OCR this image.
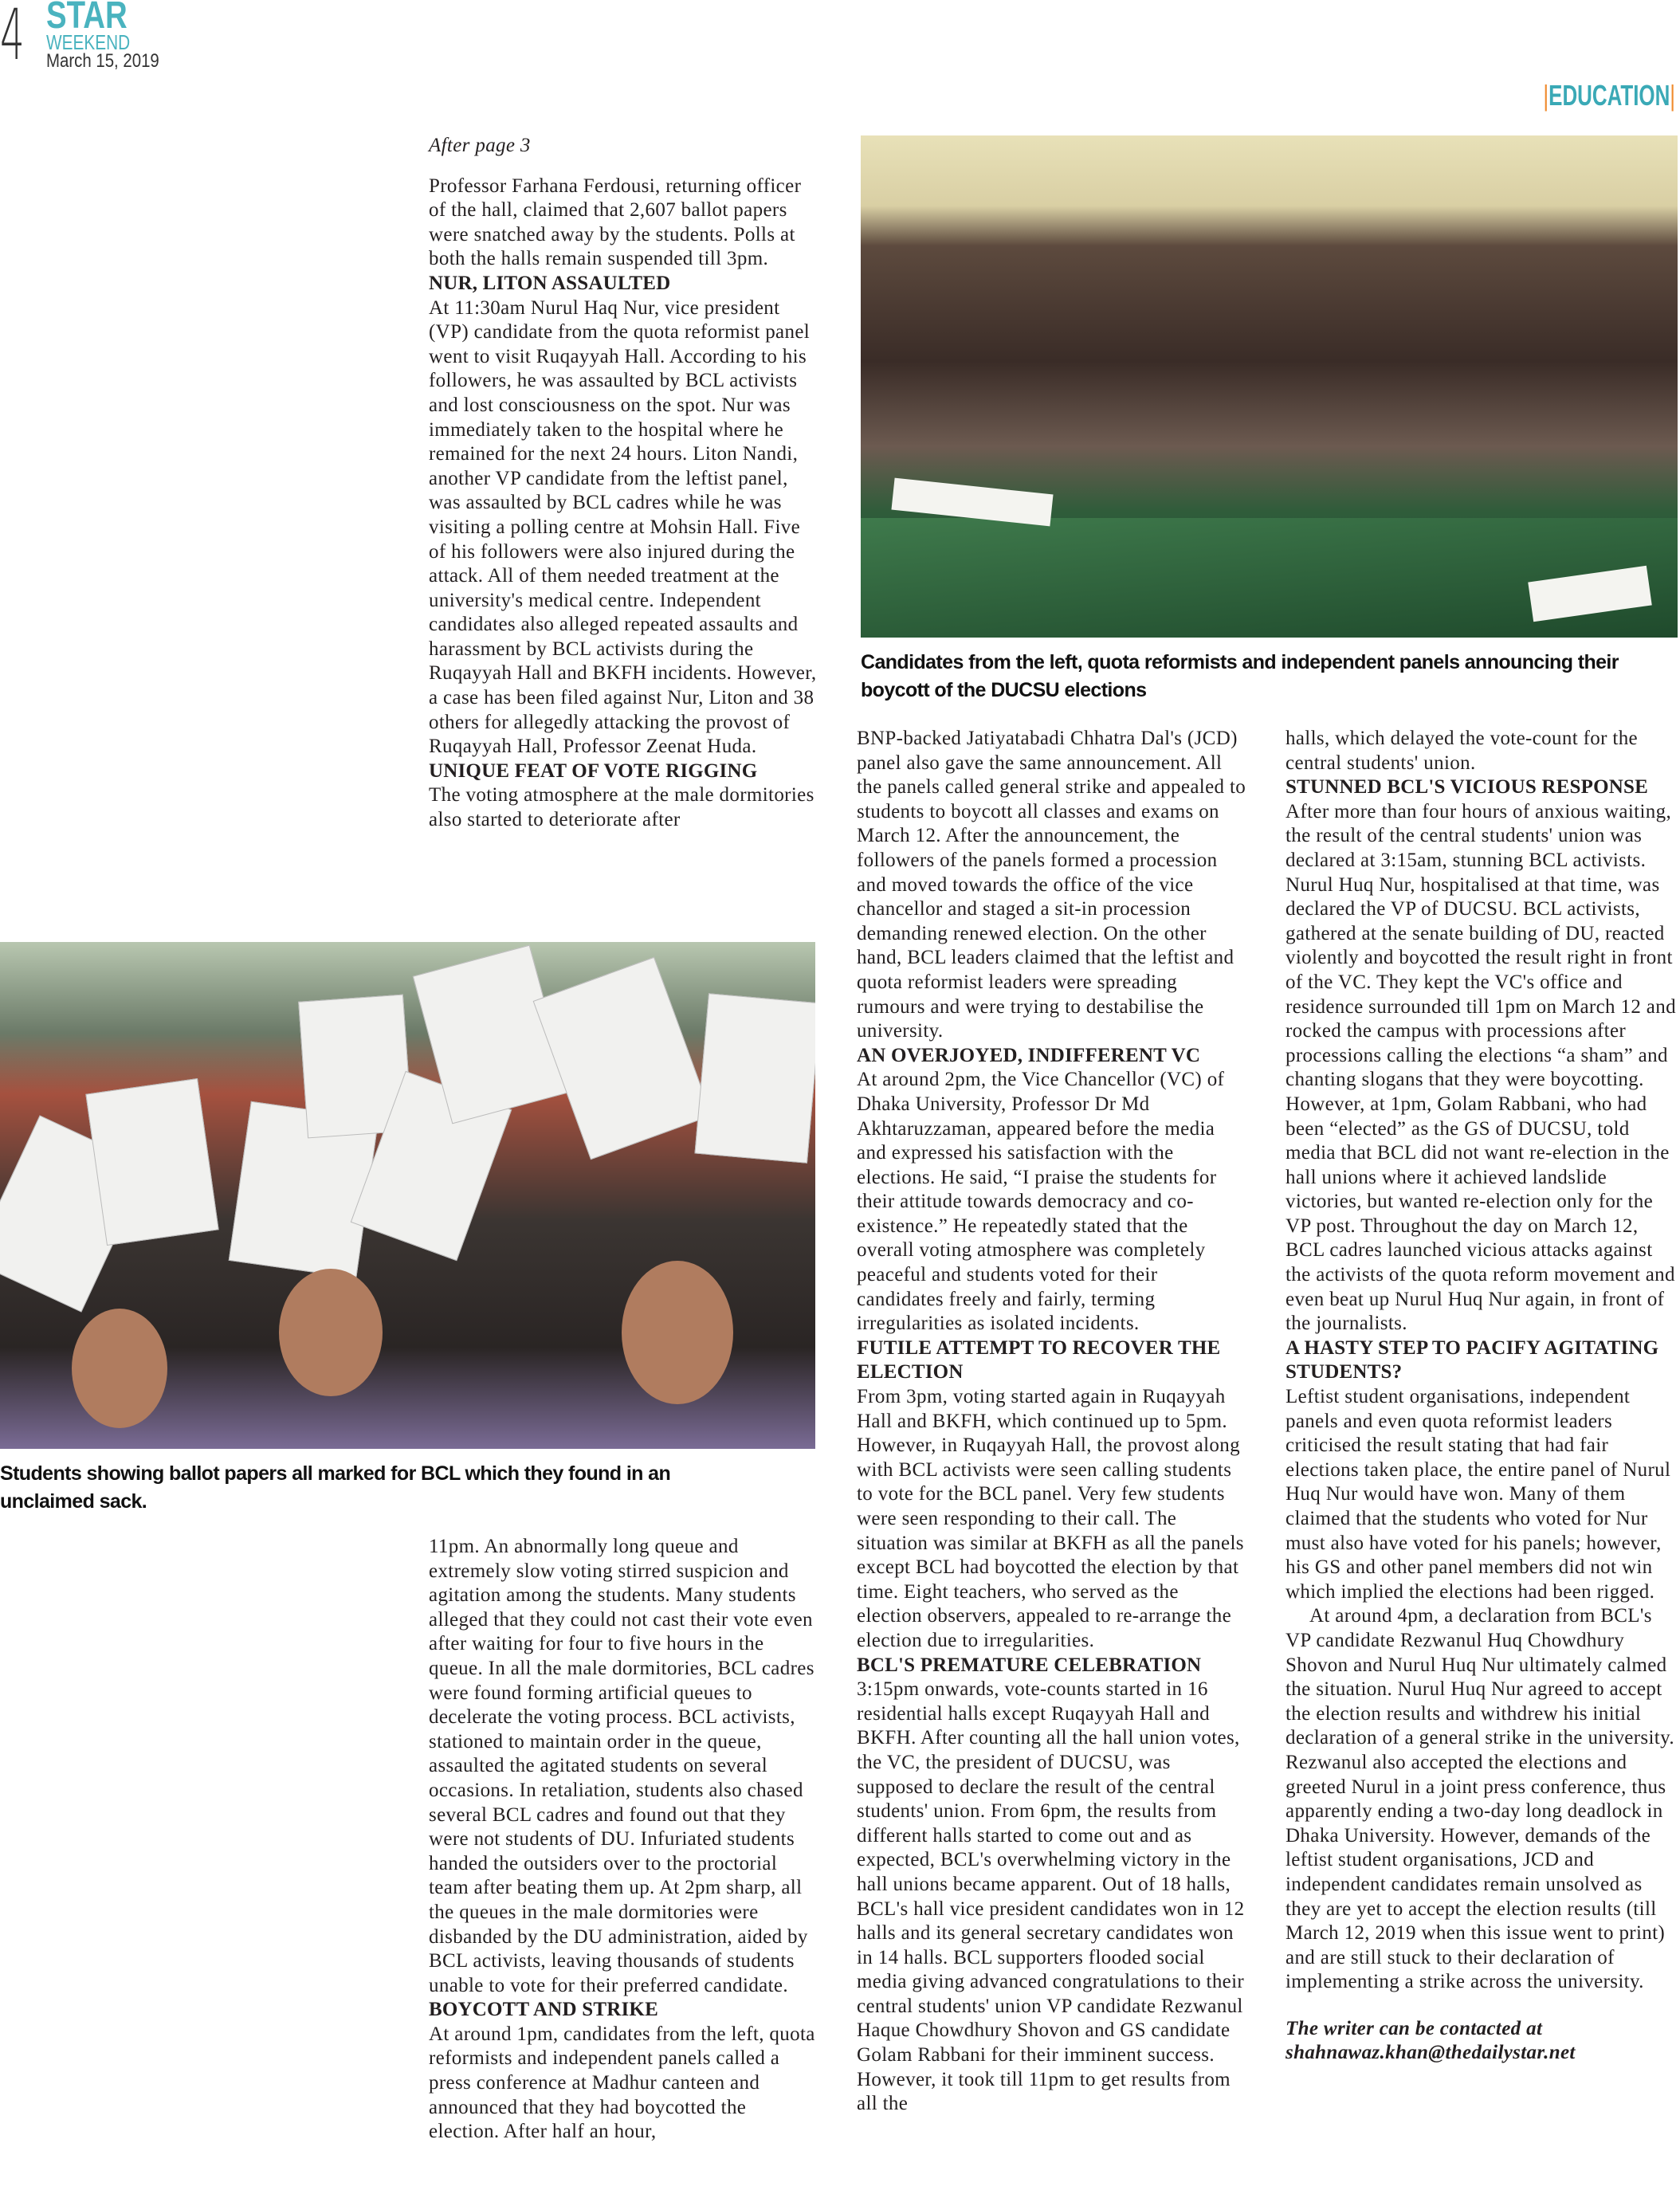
4 STAR
WEEKEND
March 15, 2019
|EDUCATION|

After page 3

Professor Farhana Ferdousi, returning officer of the hall, claimed that 2,607 ballot papers were snatched away by the students. Polls at both the halls remain suspended till 3pm.

NUR, LITON ASSAULTED

At 11:30am Nurul Haq Nur, vice president (VP) candidate from the quota reformist panel went to visit Ruqayyah Hall. According to his followers, he was assaulted by BCL activists and lost consciousness on the spot. Nur was immediately taken to the hospital where he remained for the next 24 hours. Liton Nandi, another VP candidate from the leftist panel, was assaulted by BCL cadres while he was visiting a polling centre at Mohsin Hall. Five of his followers were also injured during the attack. All of them needed treatment at the university's medical centre. Independent candidates also alleged repeated assaults and harassment by BCL activists during the Ruqayyah Hall and BKFH incidents. However, a case has been filed against Nur, Liton and 38 others for allegedly attacking the provost of Ruqayyah Hall, Professor Zeenat Huda.

UNIQUE FEAT OF VOTE RIGGING

The voting atmosphere at the male dormitories also started to deteriorate after

Candidates from the left, quota reformists and independent panels announcing their boycott of the DUCSU elections
Students showing ballot papers all marked for BCL which they found in an unclaimed sack.

11pm. An abnormally long queue and extremely slow voting stirred suspicion and agitation among the students. Many students alleged that they could not cast their vote even after waiting for four to five hours in the queue. In all the male dormitories, BCL cadres were found forming artificial queues to decelerate the voting process. BCL activists, stationed to maintain order in the queue, assaulted the agitated students on several occasions. In retaliation, students also chased several BCL cadres and found out that they were not students of DU. Infuriated students handed the outsiders over to the proctorial team after beating them up. At 2pm sharp, all the queues in the male dormitories were disbanded by the DU administration, aided by BCL activists, leaving thousands of students unable to vote for their preferred candidate.

BOYCOTT AND STRIKE

At around 1pm, candidates from the left, quota reformists and independent panels called a press conference at Madhur canteen and announced that they had boycotted the election. After half an hour,

BNP-backed Jatiyatabadi Chhatra Dal's (JCD) panel also gave the same announcement. All the panels called general strike and appealed to students to boycott all classes and exams on March 12. After the announcement, the followers of the panels formed a procession and moved towards the office of the vice chancellor and staged a sit-in procession demanding renewed election. On the other hand, BCL leaders claimed that the leftist and quota reformist leaders were spreading rumours and were trying to destabilise the university.

AN OVERJOYED, INDIFFERENT VC

At around 2pm, the Vice Chancellor (VC) of Dhaka University, Professor Dr Md Akhtaruzzaman, appeared before the media and expressed his satisfaction with the elections. He said, “I praise the students for their attitude towards democracy and co-existence.” He repeatedly stated that the overall voting atmosphere was completely peaceful and students voted for their candidates freely and fairly, terming irregularities as isolated incidents.

FUTILE ATTEMPT TO RECOVER THE ELECTION

From 3pm, voting started again in Ruqayyah Hall and BKFH, which continued up to 5pm. However, in Ruqayyah Hall, the provost along with BCL activists were seen calling students to vote for the BCL panel. Very few students were seen responding to their call. The situation was similar at BKFH as all the panels except BCL had boycotted the election by that time. Eight teachers, who served as the election observers, appealed to re-arrange the election due to irregularities.

BCL'S PREMATURE CELEBRATION

3:15pm onwards, vote-counts started in 16 residential halls except Ruqayyah Hall and BKFH. After counting all the hall union votes, the VC, the president of DUCSU, was supposed to declare the result of the central students' union. From 6pm, the results from different halls started to come out and as expected, BCL's overwhelming victory in the hall unions became apparent. Out of 18 halls, BCL's hall vice president candidates won in 12 halls and its general secretary candidates won in 14 halls. BCL supporters flooded social media giving advanced congratulations to their central students' union VP candidate Rezwanul Haque Chowdhury Shovon and GS candidate Golam Rabbani for their imminent success. However, it took till 11pm to get results from all the

halls, which delayed the vote-count for the central students' union.

STUNNED BCL'S VICIOUS RESPONSE

After more than four hours of anxious waiting, the result of the central students' union was declared at 3:15am, stunning BCL activists. Nurul Huq Nur, hospitalised at that time, was declared the VP of DUCSU. BCL activists, gathered at the senate building of DU, reacted violently and boycotted the result right in front of the VC. They kept the VC's office and residence surrounded till 1pm on March 12 and rocked the campus with processions after processions calling the elections “a sham” and chanting slogans that they were boycotting. However, at 1pm, Golam Rabbani, who had been “elected” as the GS of DUCSU, told media that BCL did not want re-election in the hall unions where it achieved landslide victories, but wanted re-election only for the VP post. Throughout the day on March 12, BCL cadres launched vicious attacks against the activists of the quota reform movement and even beat up Nurul Huq Nur again, in front of the journalists.

A HASTY STEP TO PACIFY AGITATING STUDENTS?

Leftist student organisations, independent panels and even quota reformist leaders criticised the result stating that had fair elections taken place, the entire panel of Nurul Huq Nur would have won. Many of them claimed that the students who voted for Nur must also have voted for his panels; however, his GS and other panel members did not win which implied the elections had been rigged.

At around 4pm, a declaration from BCL's VP candidate Rezwanul Huq Chowdhury Shovon and Nurul Huq Nur ultimately calmed the situation. Nurul Huq Nur agreed to accept the election results and withdrew his initial declaration of a general strike in the university. Rezwanul also accepted the elections and greeted Nurul in a joint press conference, thus apparently ending a two-day long deadlock in Dhaka University. However, demands of the leftist student organisations, JCD and independent candidates remain unsolved as they are yet to accept the election results (till March 12, 2019 when this issue went to print) and are still stuck to their declaration of implementing a strike across the university.

The writer can be contacted at

shahnawaz.khan@thedailystar.net
